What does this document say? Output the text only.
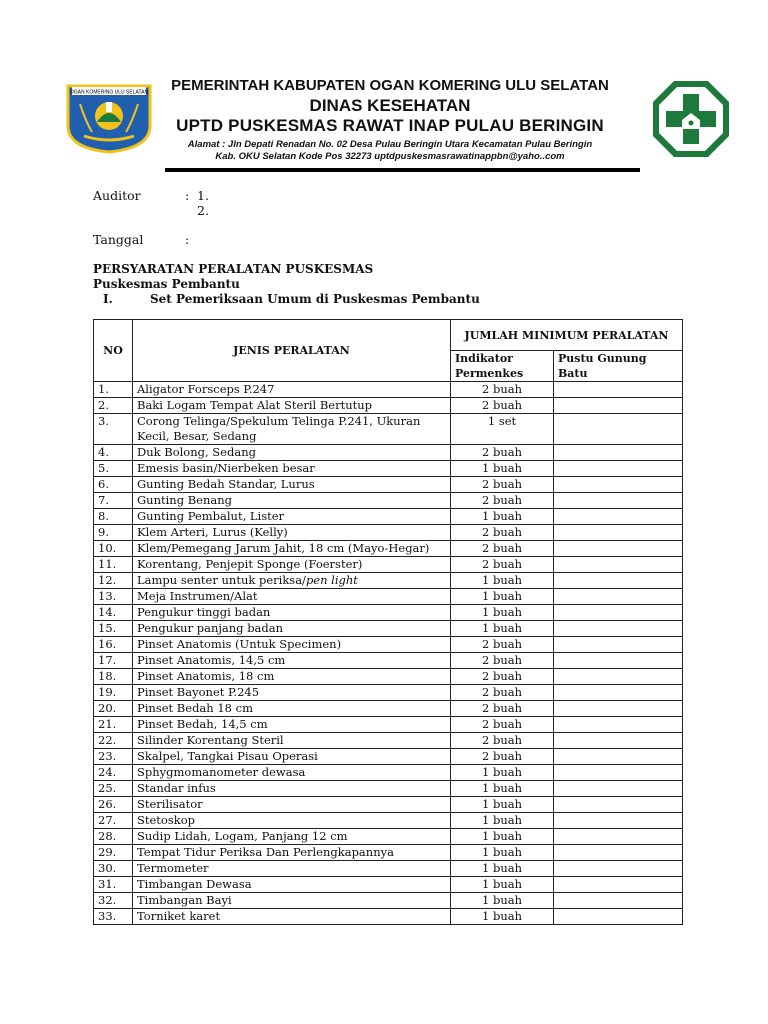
OGAN KOMERING ULU SELATAN	PEMERINTAH KABUPATEN OGAN KOMERING ULU SELATAN
DINAS KESEHATAN
UPTD PUSKESMAS RAWAT INAP PULAU BERINGIN
Alamat : Jln Depati Renadan No. 02 Desa Pulau Beringin Utara Kecamatan Pulau Beringin
Kab. OKU Selatan Kode Pos 32273 uptdpuskesmasrawatinappbn@yaho..com
Auditor	: 1.
2.
Tanggal	:
PERSYARATAN PERALATAN PUSKESMAS
Puskesmas Pembantu
I.	Set Pemeriksaan Umum di Puskesmas Pembantu
NO	JENIS PERALATAN	JUMLAH MINIMUM PERALATAN	
		Indikator Permenkes	Pustu Gunung Batu
1.	Aligator Forsceps P.247	2 buah	
2.	Baki Logam Tempat Alat Steril Bertutup	2 buah	
3.	Corong Telinga/Spekulum Telinga P.241, Ukuran Kecil, Besar, Sedang	1 set	
4.	Duk Bolong, Sedang	2 buah	
5.	Emesis basin/Nierbeken besar	1 buah	
6.	Gunting Bedah Standar, Lurus	2 buah	
7.	Gunting Benang	2 buah	
8.	Gunting Pembalut, Lister	1 buah	
9.	Klem Arteri, Lurus (Kelly)	2 buah	
10.	Klem/Pemegang Jarum Jahit, 18 cm (Mayo-Hegar)	2 buah	
11.	Korentang, Penjepit Sponge (Foerster)	2 buah	
12.	Lampu senter untuk periksa/pen light	1 buah	
13.	Meja Instrumen/Alat	1 buah	
14.	Pengukur tinggi badan	1 buah	
15.	Pengukur panjang badan	1 buah	
16.	Pinset Anatomis (Untuk Specimen)	2 buah	
17.	Pinset Anatomis, 14,5 cm	2 buah	
18.	Pinset Anatomis, 18 cm	2 buah	
19.	Pinset Bayonet P.245	2 buah	
20.	Pinset Bedah 18 cm	2 buah	
21.	Pinset Bedah, 14,5 cm	2 buah	
22.	Silinder Korentang Steril	2 buah	
23.	Skalpel, Tangkai Pisau Operasi	2 buah	
24.	Sphygmomanometer dewasa	1 buah	
25.	Standar infus	1 buah	
26.	Sterilisator	1 buah	
27.	Stetoskop	1 buah	
28.	Sudip Lidah, Logam, Panjang 12 cm	1 buah	
29.	Tempat Tidur Periksa Dan Perlengkapannya	1 buah	
30.	Termometer	1 buah	
31.	Timbangan Dewasa	1 buah	
32.	Timbangan Bayi	1 buah	
33.	Torniket karet	1 buah	
